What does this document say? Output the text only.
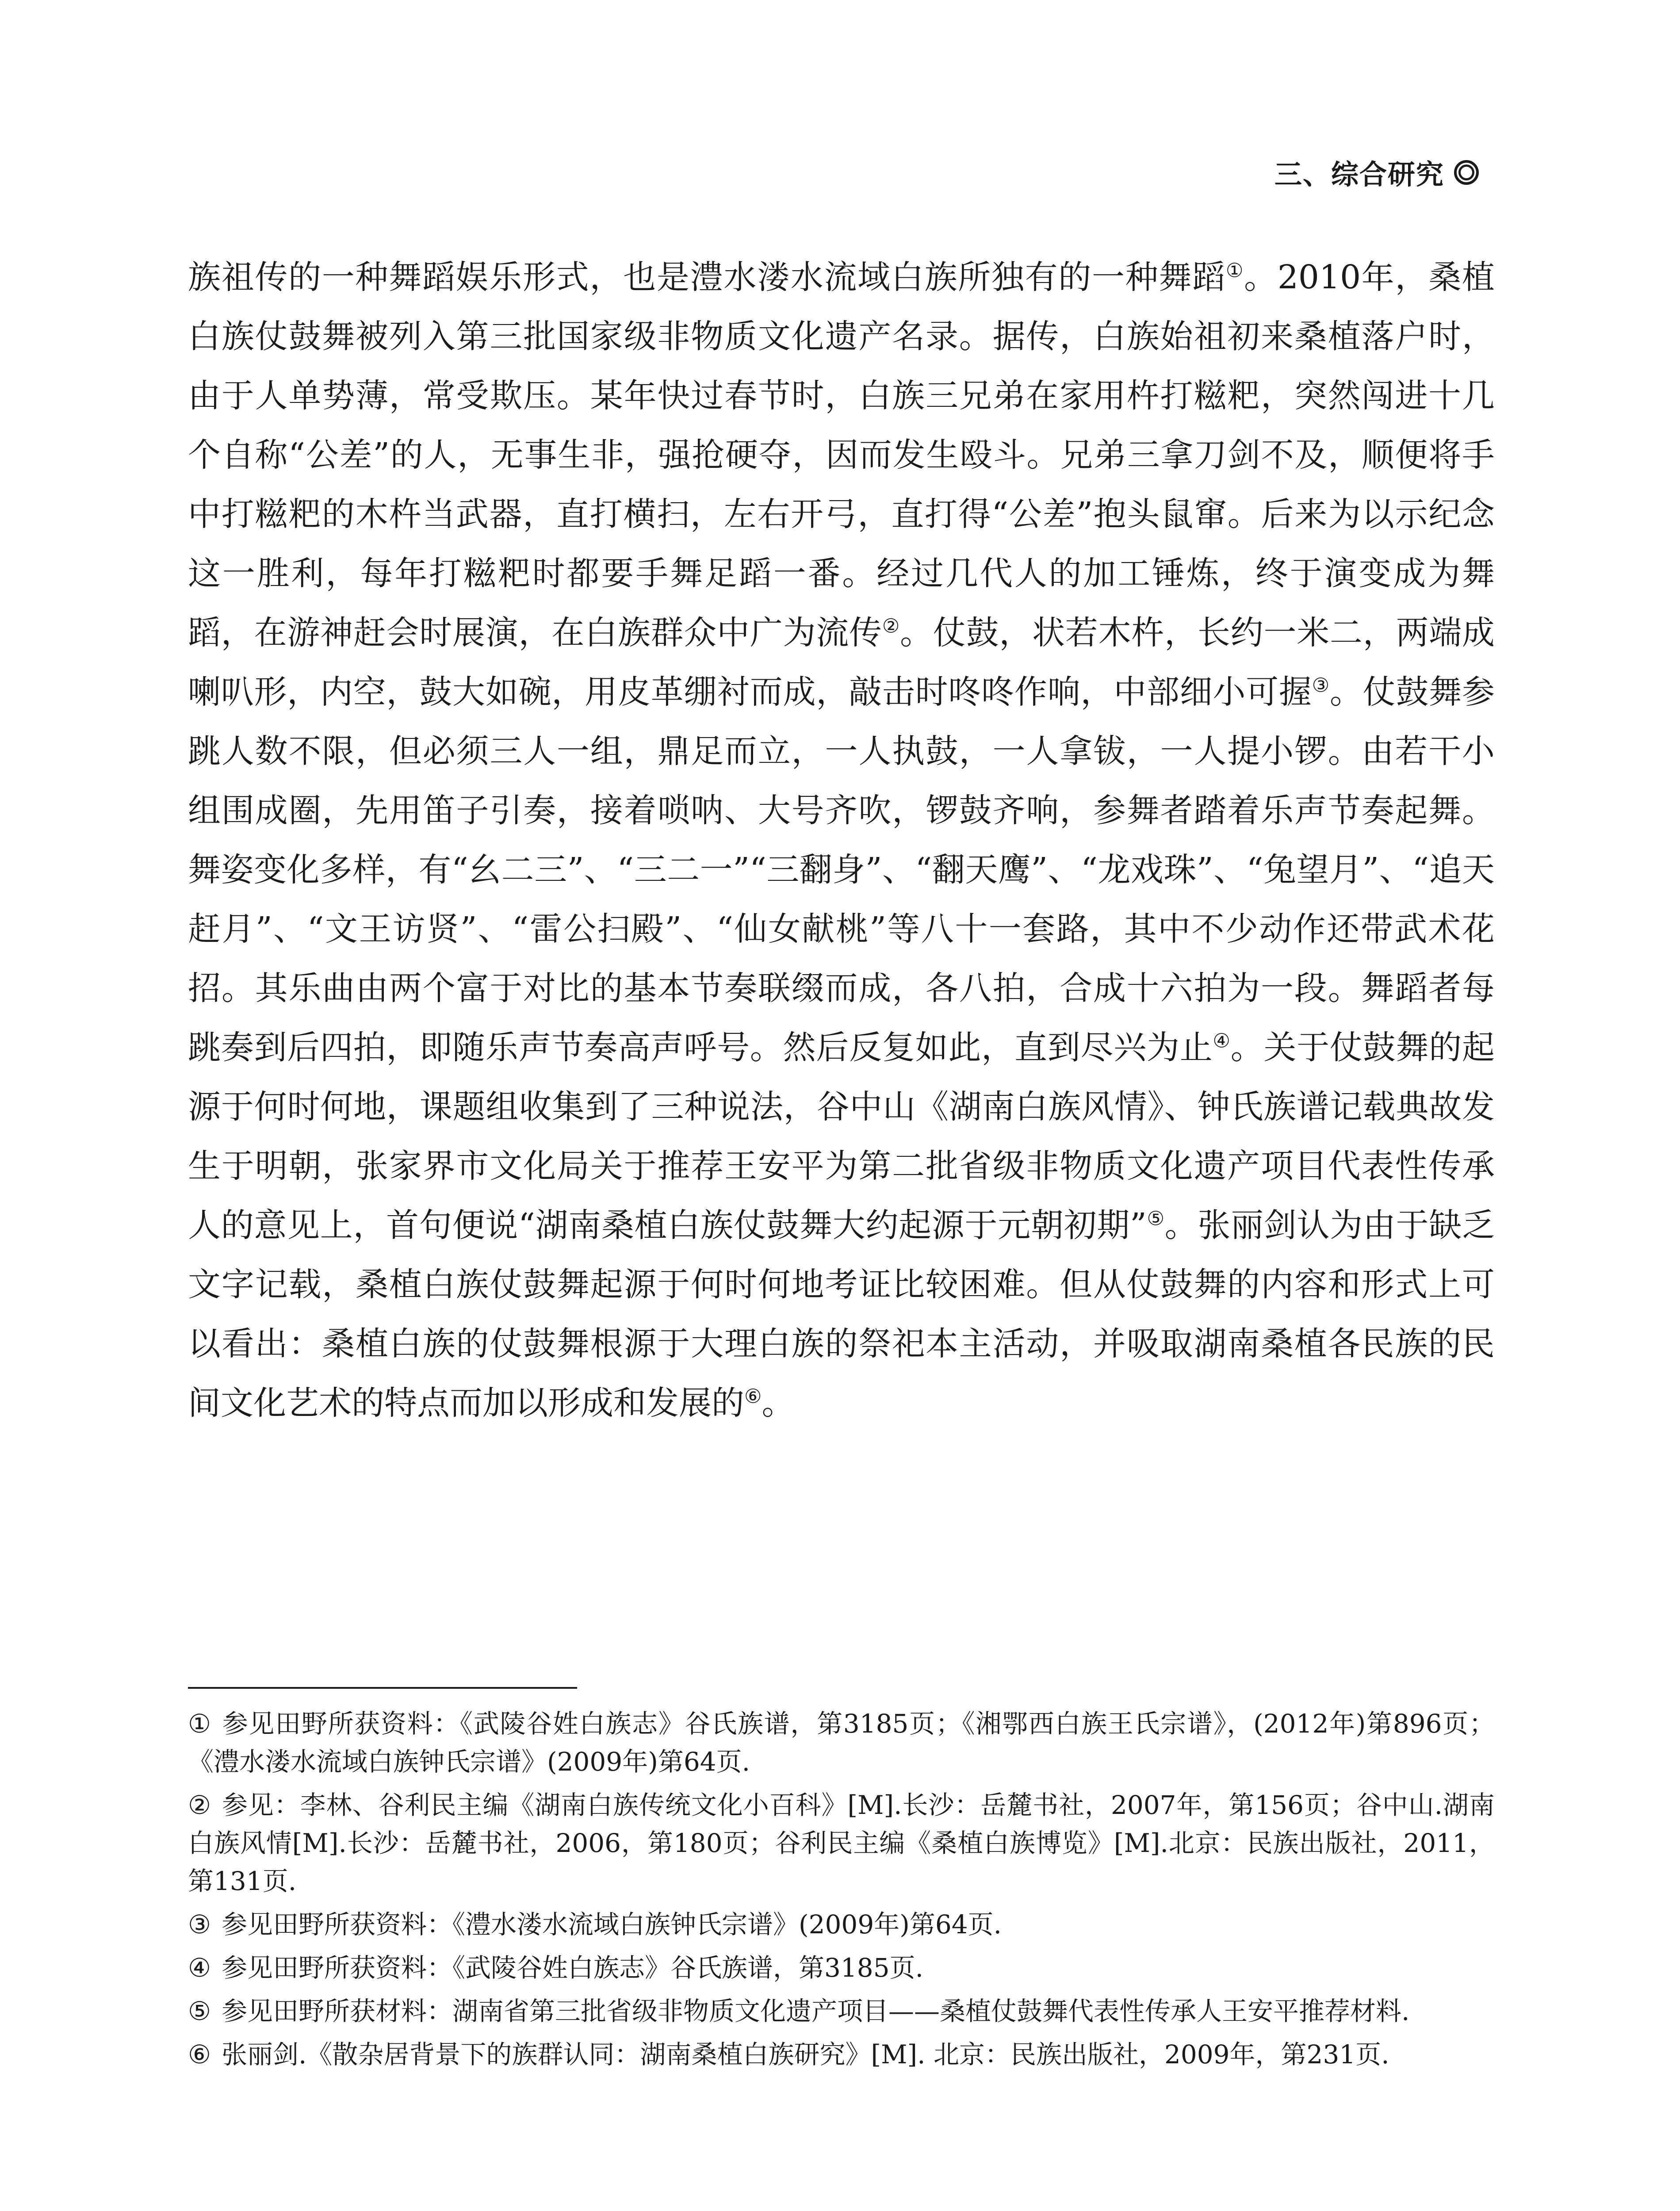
三、综合研究

族祖传的一种舞蹈娱乐形式，也是澧水溇水流域白族所独有的一种舞蹈①。2010年，桑植白族仗鼓舞被列入第三批国家级非物质文化遗产名录。据传，白族始祖初来桑植落户时，由于人单势薄，常受欺压。某年快过春节时，白族三兄弟在家用杵打糍粑，突然闯进十几个自称“公差”的人，无事生非，强抢硬夺，因而发生殴斗。兄弟三拿刀剑不及，顺便将手中打糍粑的木杵当武器，直打横扫，左右开弓，直打得“公差”抱头鼠窜。后来为以示纪念这一胜利，每年打糍粑时都要手舞足蹈一番。经过几代人的加工锤炼，终于演变成为舞蹈，在游神赶会时展演，在白族群众中广为流传②。仗鼓，状若木杵，长约一米二，两端成喇叭形，内空，鼓大如碗，用皮革绷衬而成，敲击时咚咚作响，中部细小可握③。仗鼓舞参跳人数不限，但必须三人一组，鼎足而立，一人执鼓，一人拿钹，一人提小锣。由若干小组围成圈，先用笛子引奏，接着唢呐、大号齐吹，锣鼓齐响，参舞者踏着乐声节奏起舞。舞姿变化多样，有“幺二三”、“三二一”“三翻身”、“翻天鹰”、“龙戏珠”、“兔望月”、“追天赶月”、“文王访贤”、“雷公扫殿”、“仙女献桃”等八十一套路，其中不少动作还带武术花招。其乐曲由两个富于对比的基本节奏联缀而成，各八拍，合成十六拍为一段。舞蹈者每跳奏到后四拍，即随乐声节奏高声呼号。然后反复如此，直到尽兴为止④。关于仗鼓舞的起源于何时何地，课题组收集到了三种说法，谷中山《湖南白族风情》、钟氏族谱记载典故发生于明朝，张家界市文化局关于推荐王安平为第二批省级非物质文化遗产项目代表性传承人的意见上，首句便说“湖南桑植白族仗鼓舞大约起源于元朝初期”⑤。张丽剑认为由于缺乏文字记载，桑植白族仗鼓舞起源于何时何地考证比较困难。但从仗鼓舞的内容和形式上可以看出：桑植白族的仗鼓舞根源于大理白族的祭祀本主活动，并吸取湖南桑植各民族的民间文化艺术的特点而加以形成和发展的⑥。

① 参见田野所获资料：《武陵谷姓白族志》谷氏族谱，第3185页；《湘鄂西白族王氏宗谱》，(2012年)第896页；《澧水溇水流域白族钟氏宗谱》(2009年)第64页.

② 参见：李林、谷利民主编《湖南白族传统文化小百科》[M].长沙：岳麓书社，2007年，第156页；谷中山.湖南白族风情[M].长沙：岳麓书社，2006，第180页；谷利民主编《桑植白族博览》[M].北京：民族出版社，2011，第131页.

③ 参见田野所获资料：《澧水溇水流域白族钟氏宗谱》(2009年)第64页.

④ 参见田野所获资料：《武陵谷姓白族志》谷氏族谱，第3185页.

⑤ 参见田野所获材料：湖南省第三批省级非物质文化遗产项目——桑植仗鼓舞代表性传承人王安平推荐材料.

⑥ 张丽剑.《散杂居背景下的族群认同：湖南桑植白族研究》[M]. 北京：民族出版社，2009年，第231页.
